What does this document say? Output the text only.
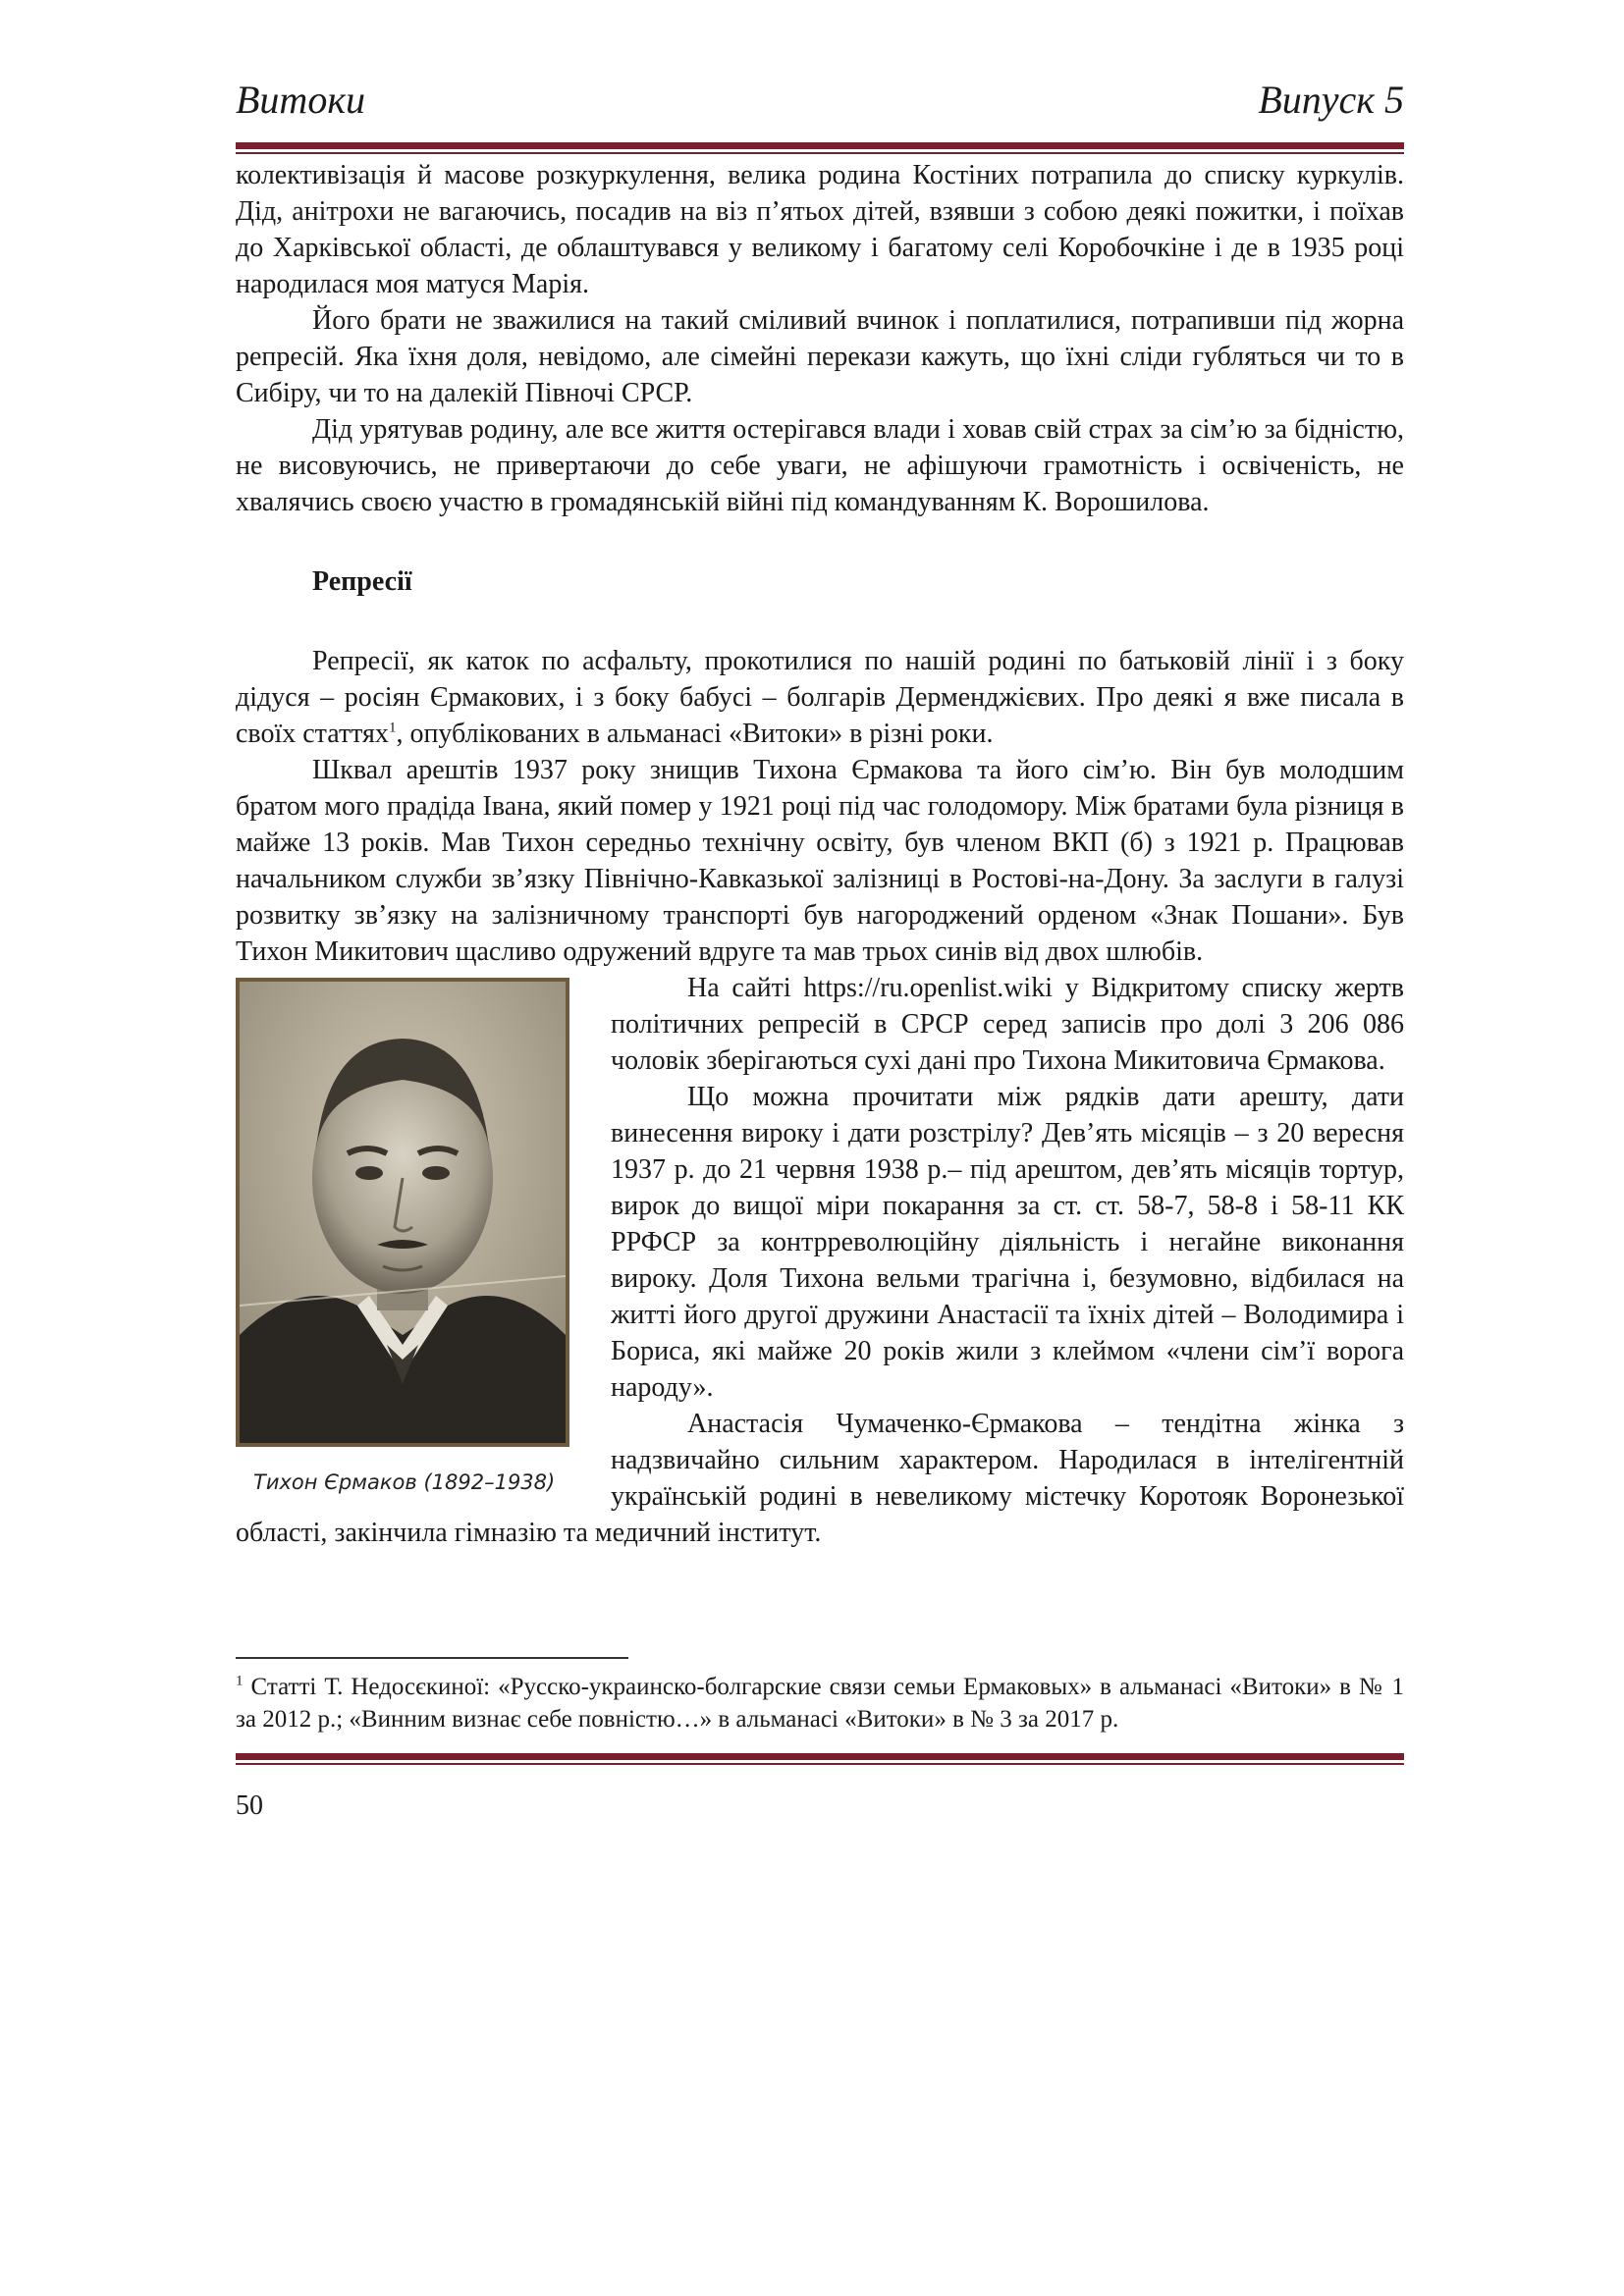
Витоки	Випуск 5

колективізація й масове розкуркулення, велика родина Костіних потрапила до списку куркулів. Дід, анітрохи не вагаючись, посадив на віз п’ятьох дітей, взявши з собою деякі пожитки, і поїхав до Харківської області, де облаштувався у великому і багатому селі Коробочкіне і де в 1935 році народилася моя матуся Марія.

Його брати не зважилися на такий сміливий вчинок і поплатилися, потрапивши під жорна репресій. Яка їхня доля, невідомо, але сімейні перекази кажуть, що їхні сліди губляться чи то в Сибіру, чи то на далекій Півночі СРСР.

Дід урятував родину, але все життя остерігався влади і ховав свій страх за сім’ю за бідністю, не висовуючись, не привертаючи до себе уваги, не афішуючи грамотність і освіченість, не хвалячись своєю участю в громадянській війні під командуванням К. Ворошилова.

Репресії

Репресії, як каток по асфальту, прокотилися по нашій родині по батьковій лінії і з боку дідуся – росіян Єрмакових, і з боку бабусі – болгарів Дерменджієвих. Про деякі я вже писала в своїх статтях$^1$, опублікованих в альманасі «Витоки» в різні роки.

Шквал арештів 1937 року знищив Тихона Єрмакова та його сім’ю. Він був молодшим братом мого прадіда Івана, який помер у 1921 році під час голодомору. Між братами була різниця в майже 13 років. Мав Тихон середньо технічну освіту, був членом ВКП (б) з 1921 р. Працював начальником служби зв’язку Північно-Кавказької залізниці в Ростові-на-Дону. За заслуги в галузі розвитку зв’язку на залізничному транспорті був нагороджений орденом «Знак Пошани». Був Тихон Микитович щасливо одружений вдруге та мав трьох синів від двох шлюбів.

Тихон Єрмаков (1892–1938)

На сайті https://ru.openlist.wiki у Відкритому списку жертв політичних репресій в СРСР серед записів про долі 3 206 086 чоловік зберігаються сухі дані про Тихона Микитовича Єрмакова.

Що можна прочитати між рядків дати арешту, дати винесення вироку і дати розстрілу? Дев’ять місяців – з 20 вересня 1937 р. до 21 червня 1938 р.– під арештом, дев’ять місяців тортур, вирок до вищої міри покарання за ст. ст. 58-7, 58-8 і 58-11 КК РРФСР за контрреволюційну діяльність і негайне виконання вироку. Доля Тихона вельми трагічна і, безумовно, відбилася на житті його другої дружини Анастасії та їхніх дітей – Володимира і Бориса, які майже 20 років жили з клеймом «члени сім’ї ворога народу».

Анастасія Чумаченко-Єрмакова – тендітна жінка з надзвичайно сильним характером. Народилася в інтелігентній українській родині в невеликому містечку Коротояк Воронезької області, закінчила гімназію та медичний інститут.

$^1$ Статті Т. Недосєкиної: «Русско-украинско-болгарские связи семьи Ермаковых» в альманасі «Витоки» в № 1 за 2012 р.; «Винним визнає себе повністю…» в альманасі «Витоки» в № 3 за 2017 р.
50
